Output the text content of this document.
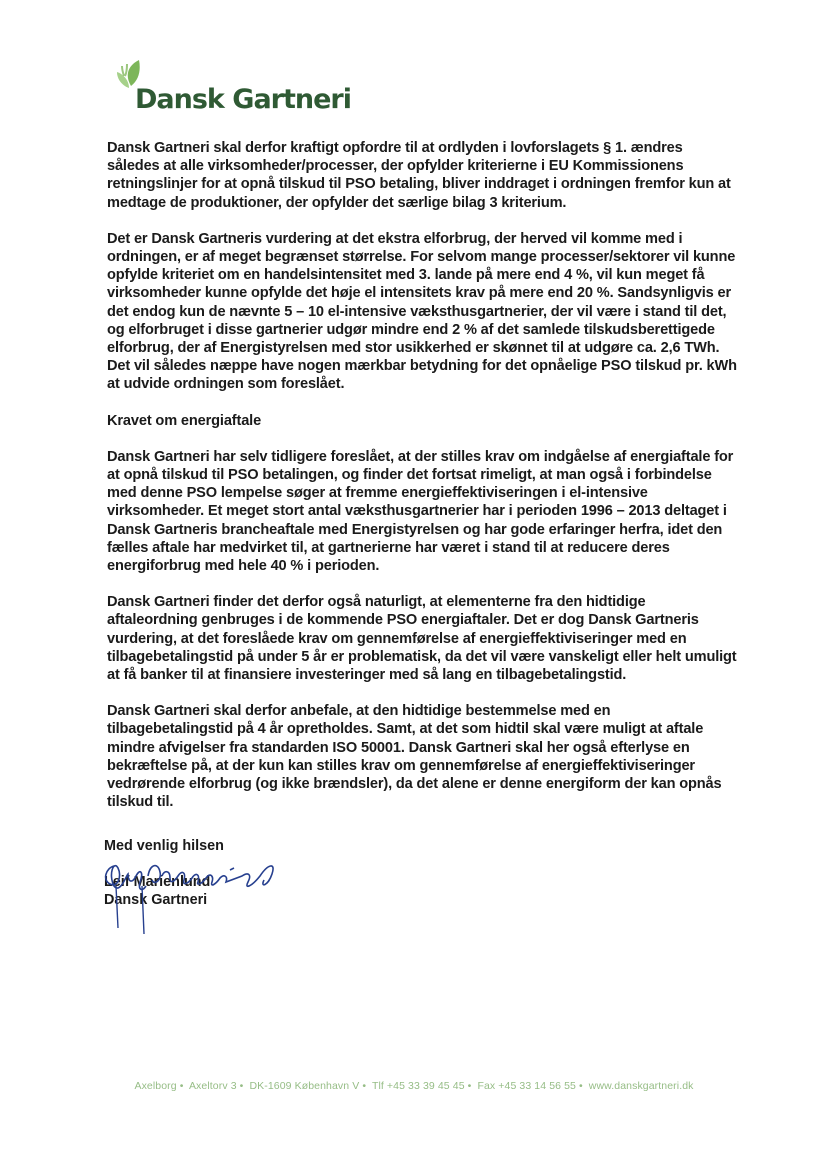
Dansk Gartneri

Dansk Gartneri skal derfor kraftigt opfordre til at ordlyden i lovforslagets § 1. ændres således at alle virksomheder/processer, der opfylder kriterierne i EU Kommissionens retningslinjer for at opnå tilskud til PSO betaling, bliver inddraget i ordningen fremfor kun at medtage de produktioner, der opfylder det særlige bilag 3 kriterium.

Det er Dansk Gartneris vurdering at det ekstra elforbrug, der herved vil komme med i ordningen, er af meget begrænset størrelse. For selvom mange processer/sektorer vil kunne opfylde kriteriet om en handelsintensitet med 3. lande på mere end 4 %, vil kun meget få virksomheder kunne opfylde det høje el intensitets krav på mere end 20 %. Sandsynligvis er det endog kun de nævnte 5 – 10 el-intensive væksthusgartnerier, der vil være i stand til det, og elforbruget i disse gartnerier udgør mindre end 2 % af det samlede tilskudsberettigede elforbrug, der af Energistyrelsen med stor usikkerhed er skønnet til at udgøre ca. 2,6 TWh. Det vil således næppe have nogen mærkbar betydning for det opnåelige PSO tilskud pr. kWh at udvide ordningen som foreslået.

Kravet om energiaftale

Dansk Gartneri har selv tidligere foreslået, at der stilles krav om indgåelse af energiaftale for at opnå tilskud til PSO betalingen, og finder det fortsat rimeligt, at man også i forbindelse med denne PSO lempelse søger at fremme energieffektiviseringen i el-intensive virksomheder. Et meget stort antal væksthusgartnerier har i perioden 1996 – 2013 deltaget i Dansk Gartneris brancheaftale med Energistyrelsen og har gode erfaringer herfra, idet den fælles aftale har medvirket til, at gartnerierne har været i stand til at reducere deres energiforbrug med hele 40 % i perioden.

Dansk Gartneri finder det derfor også naturligt, at elementerne fra den hidtidige aftaleordning genbruges i de kommende PSO energiaftaler. Det er dog Dansk Gartneris vurdering, at det foreslåede krav om gennemførelse af energieffektiviseringer med en tilbagebetalingstid på under 5 år er problematisk, da det vil være vanskeligt eller helt umuligt at få banker til at finansiere investeringer med så lang en tilbagebetalingstid.

Dansk Gartneri skal derfor anbefale, at den hidtidige bestemmelse med en tilbagebetalingstid på 4 år opretholdes. Samt, at det som hidtil skal være muligt at aftale mindre afvigelser fra standarden ISO 50001. Dansk Gartneri skal her også efterlyse en bekræftelse på, at der kun kan stilles krav om gennemførelse af energieffektiviseringer vedrørende elforbrug (og ikke brændsler), da det alene er denne energiform der kan opnås tilskud til.

Med venlig hilsen
Leif Marienlund
Dansk Gartneri
Axelborg • Axeltorv 3 • DK-1609 København V • Tlf +45 33 39 45 45 • Fax +45 33 14 56 55 • www.danskgartneri.dk
